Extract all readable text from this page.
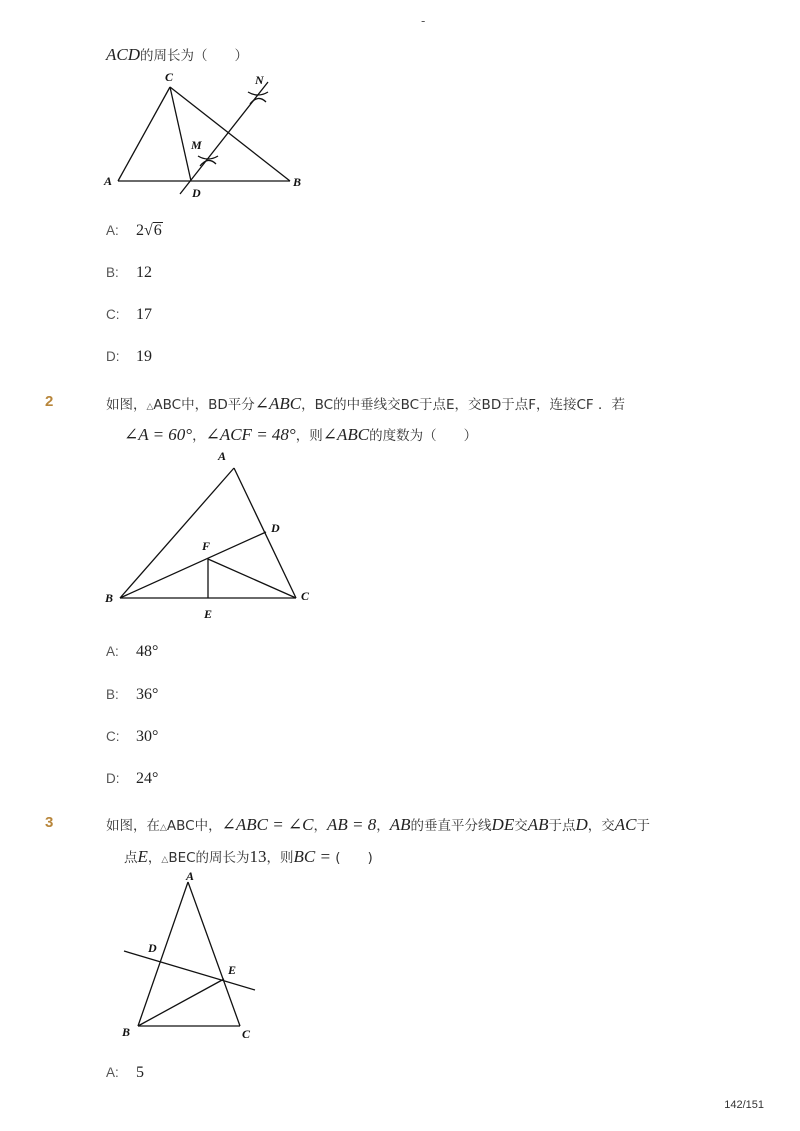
-
ACD的周长为（　　）
C	N
M
A
D
B
A: 2√6
B: 12
C: 17
D: 19
2	如图，△ABC中，BD平分∠ABC，BC的中垂线交BC于点E，交BD于点F，连接CF ．若
∠A = 60°，∠ACF = 48°，则∠ABC的度数为（　　）
A
D
F
B
E
C
A: 48°
B: 36°
C: 30°
D: 24°
3	如图，在△ABC中，∠ABC = ∠C，AB = 8，AB的垂直平分线DE交AB于点D，交AC于
点E，△BEC的周长为13，则BC = (　　)
A
D
E
B	C
A: 5
142/151
